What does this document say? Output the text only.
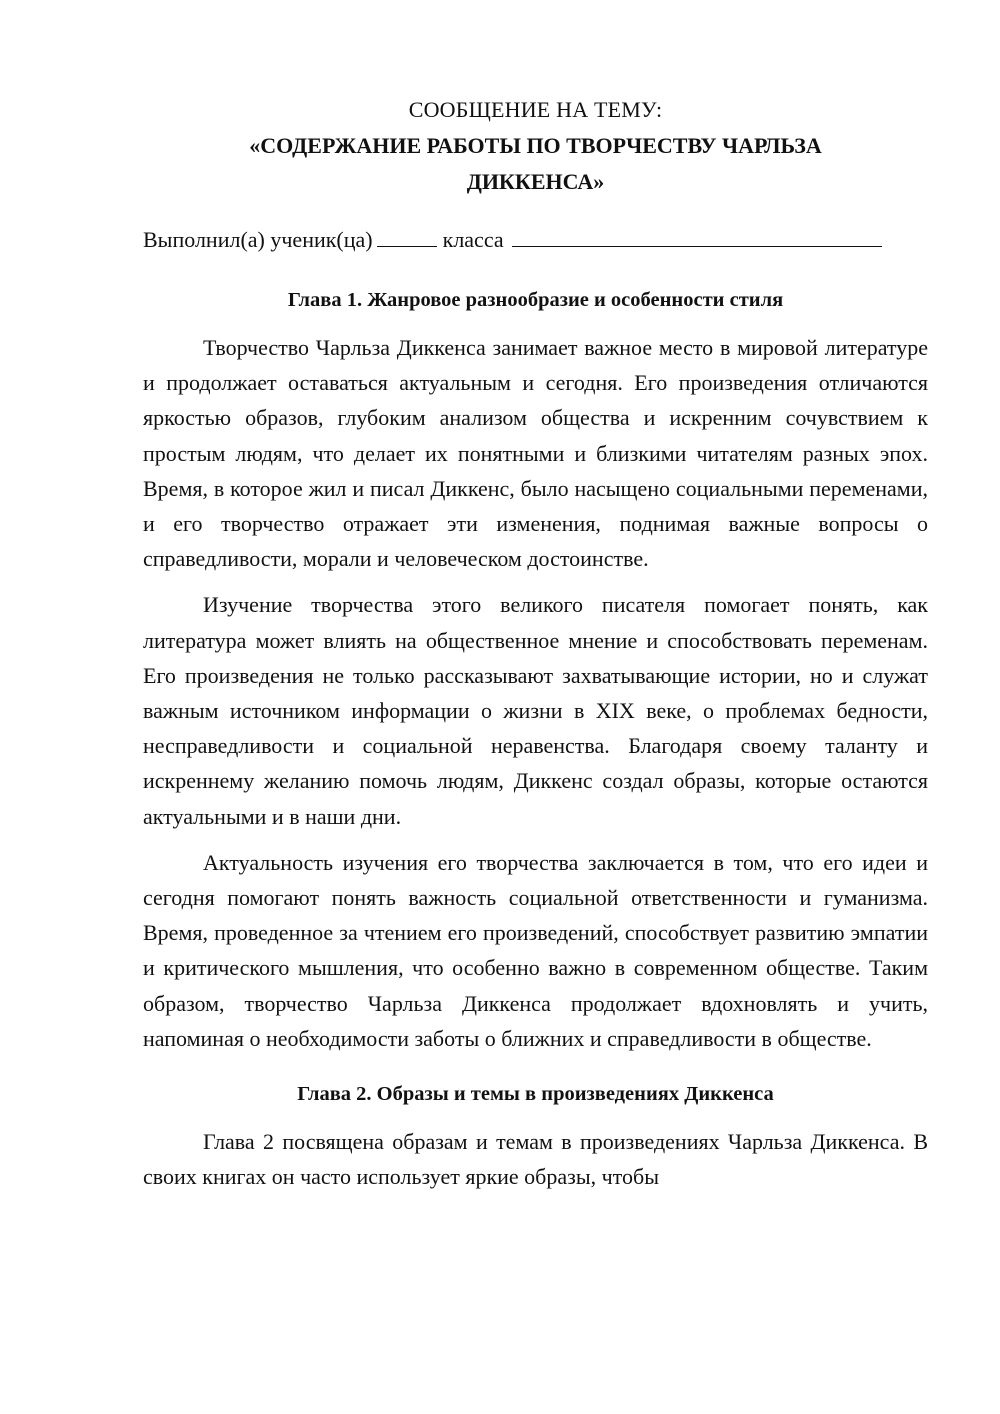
СООБЩЕНИЕ НА ТЕМУ:

«СОДЕРЖАНИЕ РАБОТЫ ПО ТВОРЧЕСТВУ ЧАРЛЬЗА

ДИККЕНСА»

Выполнил(а) ученик(ца)	класса
Глава 1. Жанровое разнообразие и особенности стиля

Творчество Чарльза Диккенса занимает важное место в мировой литературе и продолжает оставаться актуальным и сегодня. Его произведения отличаются яркостью образов, глубоким анализом общества и искренним сочувствием к простым людям, что делает их понятными и близкими читателям разных эпох. Время, в которое жил и писал Диккенс, было насыщено социальными переменами, и его творчество отражает эти изменения, поднимая важные вопросы о справедливости, морали и человеческом достоинстве.

Изучение творчества этого великого писателя помогает понять, как литература может влиять на общественное мнение и способствовать переменам. Его произведения не только рассказывают захватывающие истории, но и служат важным источником информации о жизни в XIX веке, о проблемах бедности, несправедливости и социальной неравенства. Благодаря своему таланту и искреннему желанию помочь людям, Диккенс создал образы, которые остаются актуальными и в наши дни.

Актуальность изучения его творчества заключается в том, что его идеи и сегодня помогают понять важность социальной ответственности и гуманизма. Время, проведенное за чтением его произведений, способствует развитию эмпатии и критического мышления, что особенно важно в современном обществе. Таким образом, творчество Чарльза Диккенса продолжает вдохновлять и учить, напоминая о необходимости заботы о ближних и справедливости в обществе.

Глава 2. Образы и темы в произведениях Диккенса

Глава 2 посвящена образам и темам в произведениях Чарльза Диккенса. В своих книгах он часто использует яркие образы, чтобы
